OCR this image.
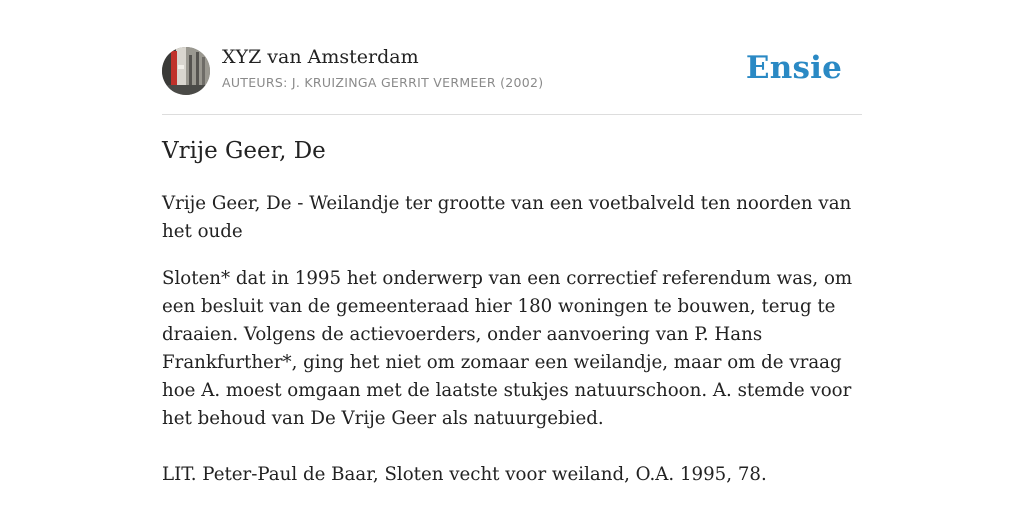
XYZ van Amsterdam
AUTEURS: J. KRUIZINGA GERRIT VERMEER (2002)	Ensie
Vrije Geer, De

Vrije Geer, De - Weilandje ter grootte van een voetbalveld ten noorden van het oude

Sloten* dat in 1995 het onderwerp van een correctief referendum was, om een besluit van de gemeenteraad hier 180 woningen te bouwen, terug te draaien. Volgens de actievoerders, onder aanvoering van P. Hans Frankfurther*, ging het niet om zomaar een weilandje, maar om de vraag hoe A. moest omgaan met de laatste stukjes natuurschoon. A. stemde voor het behoud van De Vrije Geer als natuurgebied.

LIT. Peter-Paul de Baar, Sloten vecht voor weiland, O.A. 1995, 78.
